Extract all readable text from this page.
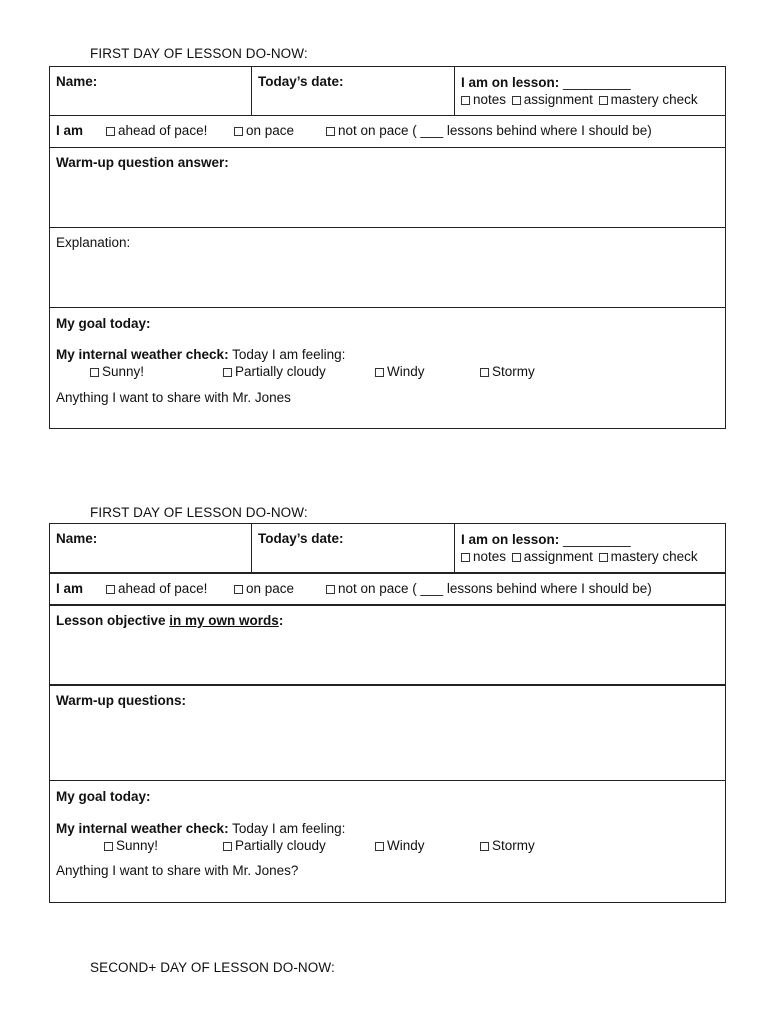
FIRST DAY OF LESSON DO-NOW:
Name:	Today’s date:	I am on lesson: _________
notes assignment mastery check
I am	ahead of pace!	on pace	not on pace ( ___ lessons behind where I should be)
Warm-up question answer:
Explanation:
My goal today:
My internal weather check: Today I am feeling:
Sunny!	Partially cloudy	Windy	Stormy
Anything I want to share with Mr. Jones
FIRST DAY OF LESSON DO-NOW:
Name:	Today’s date:	I am on lesson: _________
notes assignment mastery check
I am	ahead of pace!	on pace	not on pace ( ___ lessons behind where I should be)
Lesson objective in my own words:
Warm-up questions:
My goal today:
My internal weather check: Today I am feeling:
Sunny!	Partially cloudy	Windy	Stormy
Anything I want to share with Mr. Jones?
SECOND+ DAY OF LESSON DO-NOW:
